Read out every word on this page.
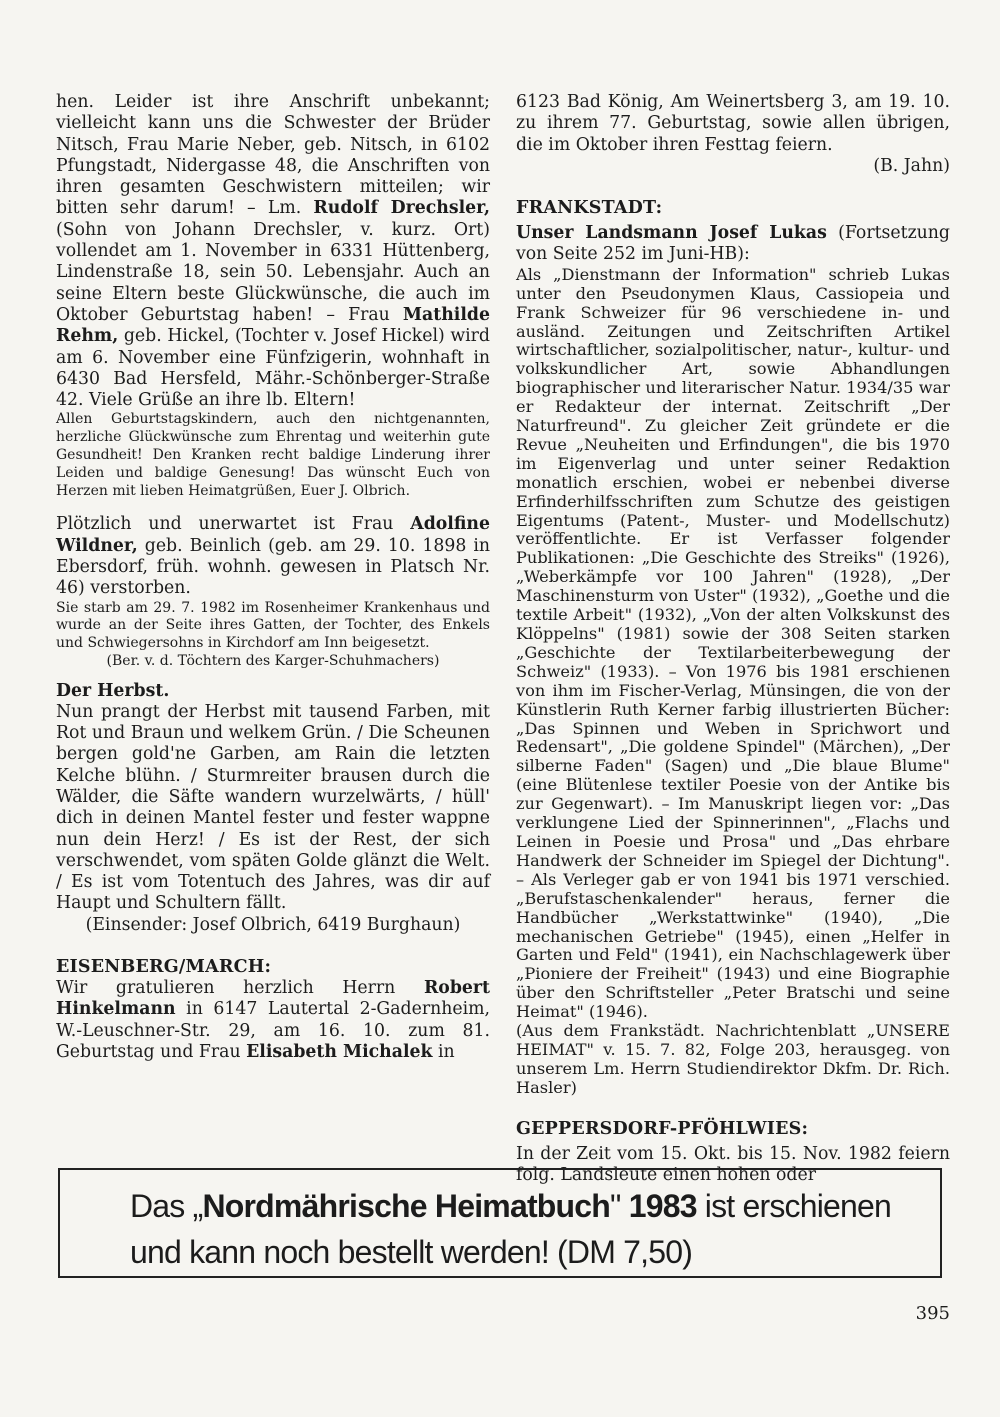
hen. Leider ist ihre Anschrift unbekannt; vielleicht kann uns die Schwester der Brüder Nitsch, Frau Marie Neber, geb. Nitsch, in 6102 Pfungstadt, Nidergasse 48, die Anschriften von ihren gesamten Geschwistern mitteilen; wir bitten sehr darum! – Lm. Rudolf Drechsler, (Sohn von Johann Drechsler, v. kurz. Ort) vollendet am 1. November in 6331 Hüttenberg, Lindenstraße 18, sein 50. Lebensjahr. Auch an seine Eltern beste Glückwünsche, die auch im Oktober Geburtstag haben! – Frau Mathilde Rehm, geb. Hickel, (Tochter v. Josef Hickel) wird am 6. November eine Fünfzigerin, wohnhaft in 6430 Bad Hersfeld, Mähr.-Schönberger-Straße 42. Viele Grüße an ihre lb. Eltern!

Allen Geburtstagskindern, auch den nichtgenannten, herzliche Glückwünsche zum Ehrentag und weiterhin gute Gesundheit! Den Kranken recht baldige Linderung ihrer Leiden und baldige Genesung! Das wünscht Euch von Herzen mit lieben Heimatgrüßen, Euer J. Olbrich.

Plötzlich und unerwartet ist Frau Adolfine Wildner, geb. Beinlich (geb. am 29. 10. 1898 in Ebersdorf, früh. wohnh. gewesen in Platsch Nr. 46) verstorben.

Sie starb am 29. 7. 1982 im Rosenheimer Krankenhaus und wurde an der Seite ihres Gatten, der Tochter, des Enkels und Schwiegersohns in Kirchdorf am Inn beigesetzt.

(Ber. v. d. Töchtern des Karger-Schuhmachers)

Der Herbst.

Nun prangt der Herbst mit tausend Farben, mit Rot und Braun und welkem Grün. / Die Scheunen bergen gold'ne Garben, am Rain die letzten Kelche blühn. / Sturmreiter brausen durch die Wälder, die Säfte wandern wurzelwärts, / hüll' dich in deinen Mantel fester und fester wappne nun dein Herz! / Es ist der Rest, der sich verschwendet, vom späten Golde glänzt die Welt. / Es ist vom Totentuch des Jahres, was dir auf Haupt und Schultern fällt.

(Einsender: Josef Olbrich, 6419 Burghaun)

EISENBERG/MARCH:

Wir gratulieren herzlich Herrn Robert Hinkelmann in 6147 Lautertal 2-Gadernheim, W.-Leuschner-Str. 29, am 16. 10. zum 81. Geburtstag und Frau Elisabeth Michalek in

6123 Bad König, Am Weinertsberg 3, am 19. 10. zu ihrem 77. Geburtstag, sowie allen übrigen, die im Oktober ihren Festtag feiern.

(B. Jahn)

FRANKSTADT:

Unser Landsmann Josef Lukas (Fortsetzung von Seite 252 im Juni-HB):

Als „Dienstmann der Information" schrieb Lukas unter den Pseudonymen Klaus, Cassiopeia und Frank Schweizer für 96 verschiedene in- und ausländ. Zeitungen und Zeitschriften Artikel wirtschaftlicher, sozialpolitischer, natur-, kultur- und volkskundlicher Art, sowie Abhandlungen biographischer und literarischer Natur. 1934/35 war er Redakteur der internat. Zeitschrift „Der Naturfreund". Zu gleicher Zeit gründete er die Revue „Neuheiten und Erfindungen", die bis 1970 im Eigenverlag und unter seiner Redaktion monatlich erschien, wobei er nebenbei diverse Erfinderhilfsschriften zum Schutze des geistigen Eigentums (Patent-, Muster- und Modellschutz) veröffentlichte. Er ist Verfasser folgender Publikationen: „Die Geschichte des Streiks" (1926), „Weberkämpfe vor 100 Jahren" (1928), „Der Maschinensturm von Uster" (1932), „Goethe und die textile Arbeit" (1932), „Von der alten Volkskunst des Klöppelns" (1981) sowie der 308 Seiten starken „Geschichte der Textilarbeiterbewegung der Schweiz" (1933). – Von 1976 bis 1981 erschienen von ihm im Fischer-Verlag, Münsingen, die von der Künstlerin Ruth Kerner farbig illustrierten Bücher: „Das Spinnen und Weben in Sprichwort und Redensart", „Die goldene Spindel" (Märchen), „Der silberne Faden" (Sagen) und „Die blaue Blume" (eine Blütenlese textiler Poesie von der Antike bis zur Gegenwart). – Im Manuskript liegen vor: „Das verklungene Lied der Spinnerinnen", „Flachs und Leinen in Poesie und Prosa" und „Das ehrbare Handwerk der Schneider im Spiegel der Dichtung". – Als Verleger gab er von 1941 bis 1971 verschied. „Berufstaschenkalender" heraus, ferner die Handbücher „Werkstattwinke" (1940), „Die mechanischen Getriebe" (1945), einen „Helfer in Garten und Feld" (1941), ein Nachschlagewerk über „Pioniere der Freiheit" (1943) und eine Biographie über den Schriftsteller „Peter Bratschi und seine Heimat" (1946).

(Aus dem Frankstädt. Nachrichtenblatt „UNSERE HEIMAT" v. 15. 7. 82, Folge 203, herausgeg. von unserem Lm. Herrn Studiendirektor Dkfm. Dr. Rich. Hasler)

GEPPERSDORF-PFÖHLWIES:

In der Zeit vom 15. Okt. bis 15. Nov. 1982 feiern folg. Landsleute einen hohen oder

Das „Nordmährische Heimatbuch" 1983 ist erschienen
und kann noch bestellt werden! (DM 7,50)
395
